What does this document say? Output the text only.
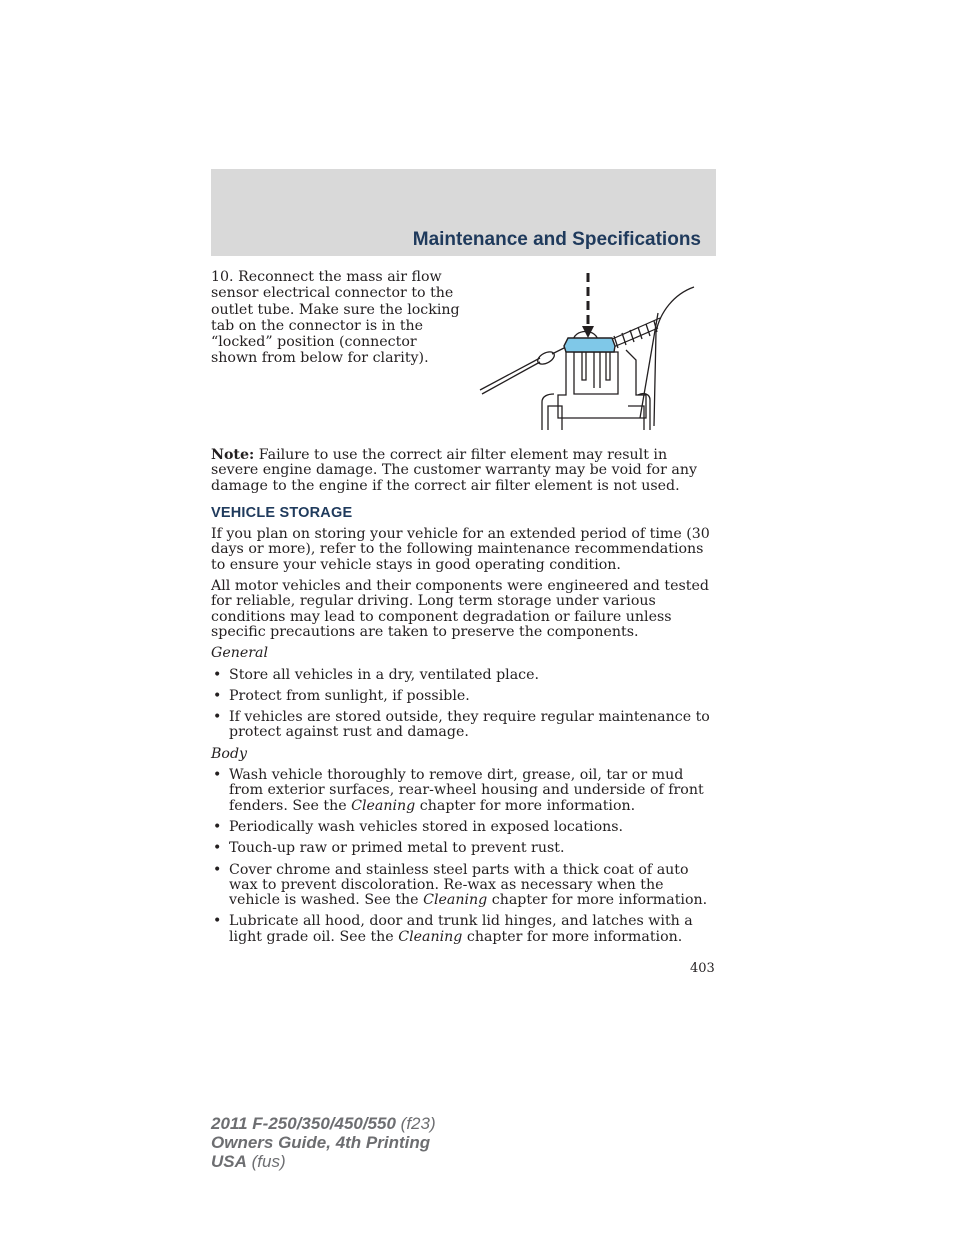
Maintenance and Specifications
10. Reconnect the mass air flow sensor electrical connector to the outlet tube. Make sure the locking tab on the connector is in the “locked” position (connector shown from below for clarity).

Note: Failure to use the correct air filter element may result in severe engine damage. The customer warranty may be void for any damage to the engine if the correct air filter element is not used.

VEHICLE STORAGE

If you plan on storing your vehicle for an extended period of time (30 days or more), refer to the following maintenance recommendations to ensure your vehicle stays in good operating condition.

All motor vehicles and their components were engineered and tested for reliable, regular driving. Long term storage under various conditions may lead to component degradation or failure unless specific precautions are taken to preserve the components.

General
• Store all vehicles in a dry, ventilated place.
• Protect from sunlight, if possible.
• If vehicles are stored outside, they require regular maintenance to protect against rust and damage.
Body
• Wash vehicle thoroughly to remove dirt, grease, oil, tar or mud from exterior surfaces, rear-wheel housing and underside of front fenders. See the Cleaning chapter for more information.
• Periodically wash vehicles stored in exposed locations.
• Touch-up raw or primed metal to prevent rust.
• Cover chrome and stainless steel parts with a thick coat of auto wax to prevent discoloration. Re-wax as necessary when the vehicle is washed. See the Cleaning chapter for more information.
• Lubricate all hood, door and trunk lid hinges, and latches with a light grade oil. See the Cleaning chapter for more information.
403
2011 F-250/350/450/550 (f23)
Owners Guide, 4th Printing
USA (fus)
